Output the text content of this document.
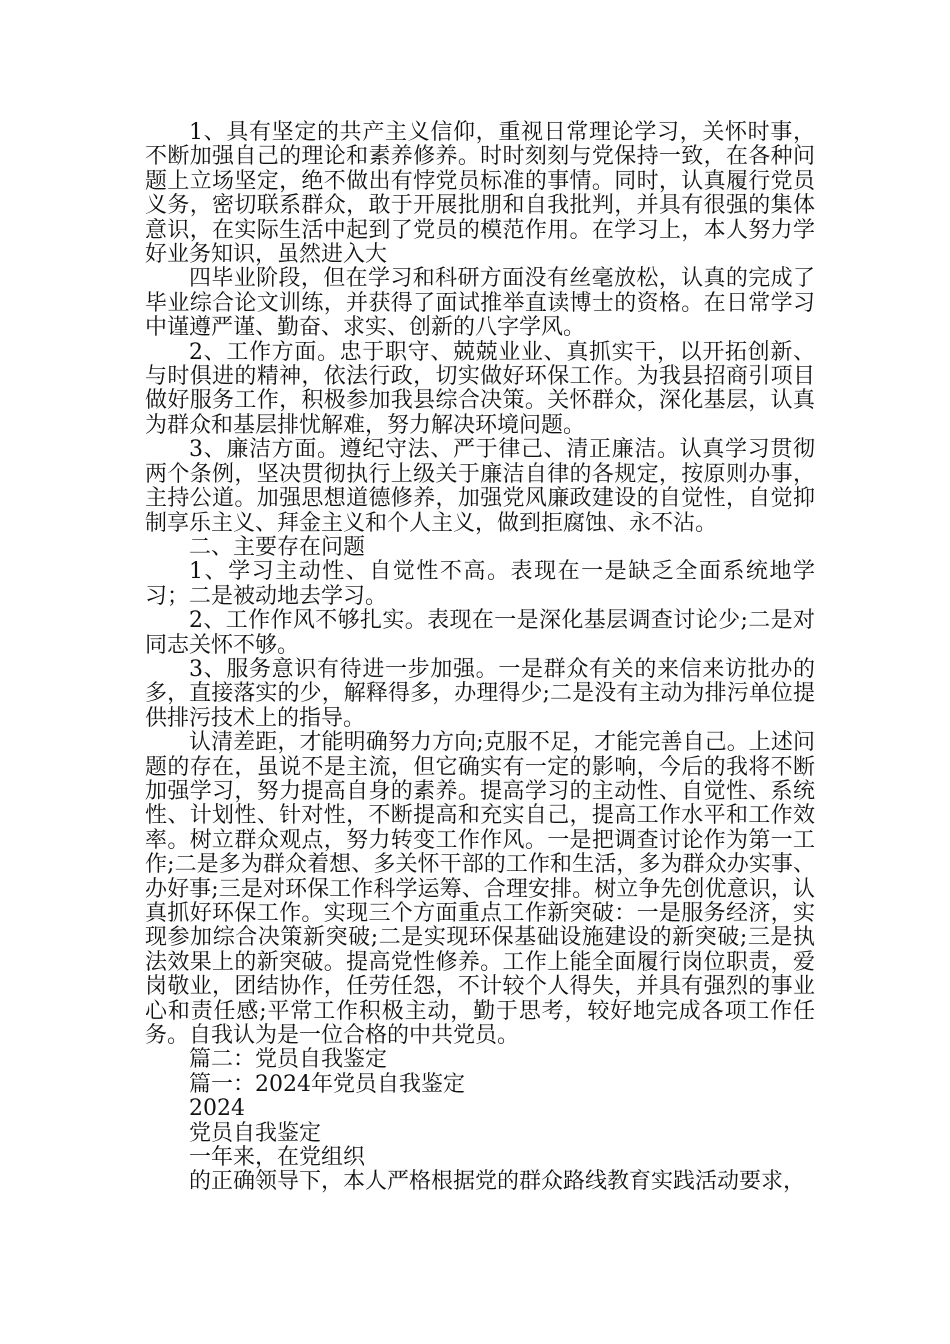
1、具有坚定的共产主义信仰，重视日常理论学习，关怀时事，不断加强自己的理论和素养修养。时时刻刻与党保持一致，在各种问题上立场坚定，绝不做出有悖党员标准的事情。同时，认真履行党员义务，密切联系群众，敢于开展批朋和自我批判，并具有很强的集体意识，在实际生活中起到了党员的模范作用。在学习上，本人努力学好业务知识，虽然进入大

四毕业阶段，但在学习和科研方面没有丝毫放松，认真的完成了毕业综合论文训练，并获得了面试推举直读博士的资格。在日常学习中谨遵严谨、勤奋、求实、创新的八字学风。

2、工作方面。忠于职守、兢兢业业、真抓实干，以开拓创新、与时俱进的精神，依法行政，切实做好环保工作。为我县招商引项目做好服务工作，积极参加我县综合决策。关怀群众，深化基层，认真为群众和基层排忧解难，努力解决环境问题。

3、廉洁方面。遵纪守法、严于律己、清正廉洁。认真学习贯彻两个条例，坚决贯彻执行上级关于廉洁自律的各规定，按原则办事，主持公道。加强思想道德修养，加强党风廉政建设的自觉性，自觉抑制享乐主义、拜金主义和个人主义，做到拒腐蚀、永不沾。

二、主要存在问题

1、学习主动性、自觉性不高。表现在一是缺乏全面系统地学习；二是被动地去学习。

2、工作作风不够扎实。表现在一是深化基层调查讨论少;二是对同志关怀不够。

3、服务意识有待进一步加强。一是群众有关的来信来访批办的多，直接落实的少，解释得多，办理得少;二是没有主动为排污单位提供排污技术上的指导。

认清差距，才能明确努力方向;克服不足，才能完善自己。上述问题的存在，虽说不是主流，但它确实有一定的影响，今后的我将不断加强学习，努力提高自身的素养。提高学习的主动性、自觉性、系统性、计划性、针对性，不断提高和充实自己，提高工作水平和工作效率。树立群众观点，努力转变工作作风。一是把调查讨论作为第一工作;二是多为群众着想、多关怀干部的工作和生活，多为群众办实事、办好事;三是对环保工作科学运筹、合理安排。树立争先创优意识，认真抓好环保工作。实现三个方面重点工作新突破：一是服务经济，实现参加综合决策新突破;二是实现环保基础设施建设的新突破;三是执法效果上的新突破。提高党性修养。工作上能全面履行岗位职责，爱岗敬业，团结协作，任劳任怨，不计较个人得失，并具有强烈的事业心和责任感;平常工作积极主动，勤于思考，较好地完成各项工作任务。自我认为是一位合格的中共党员。

篇二：党员自我鉴定

篇一：2024年党员自我鉴定

2024

党员自我鉴定

一年来，在党组织

的正确领导下，本人严格根据党的群众路线教育实践活动要求，
